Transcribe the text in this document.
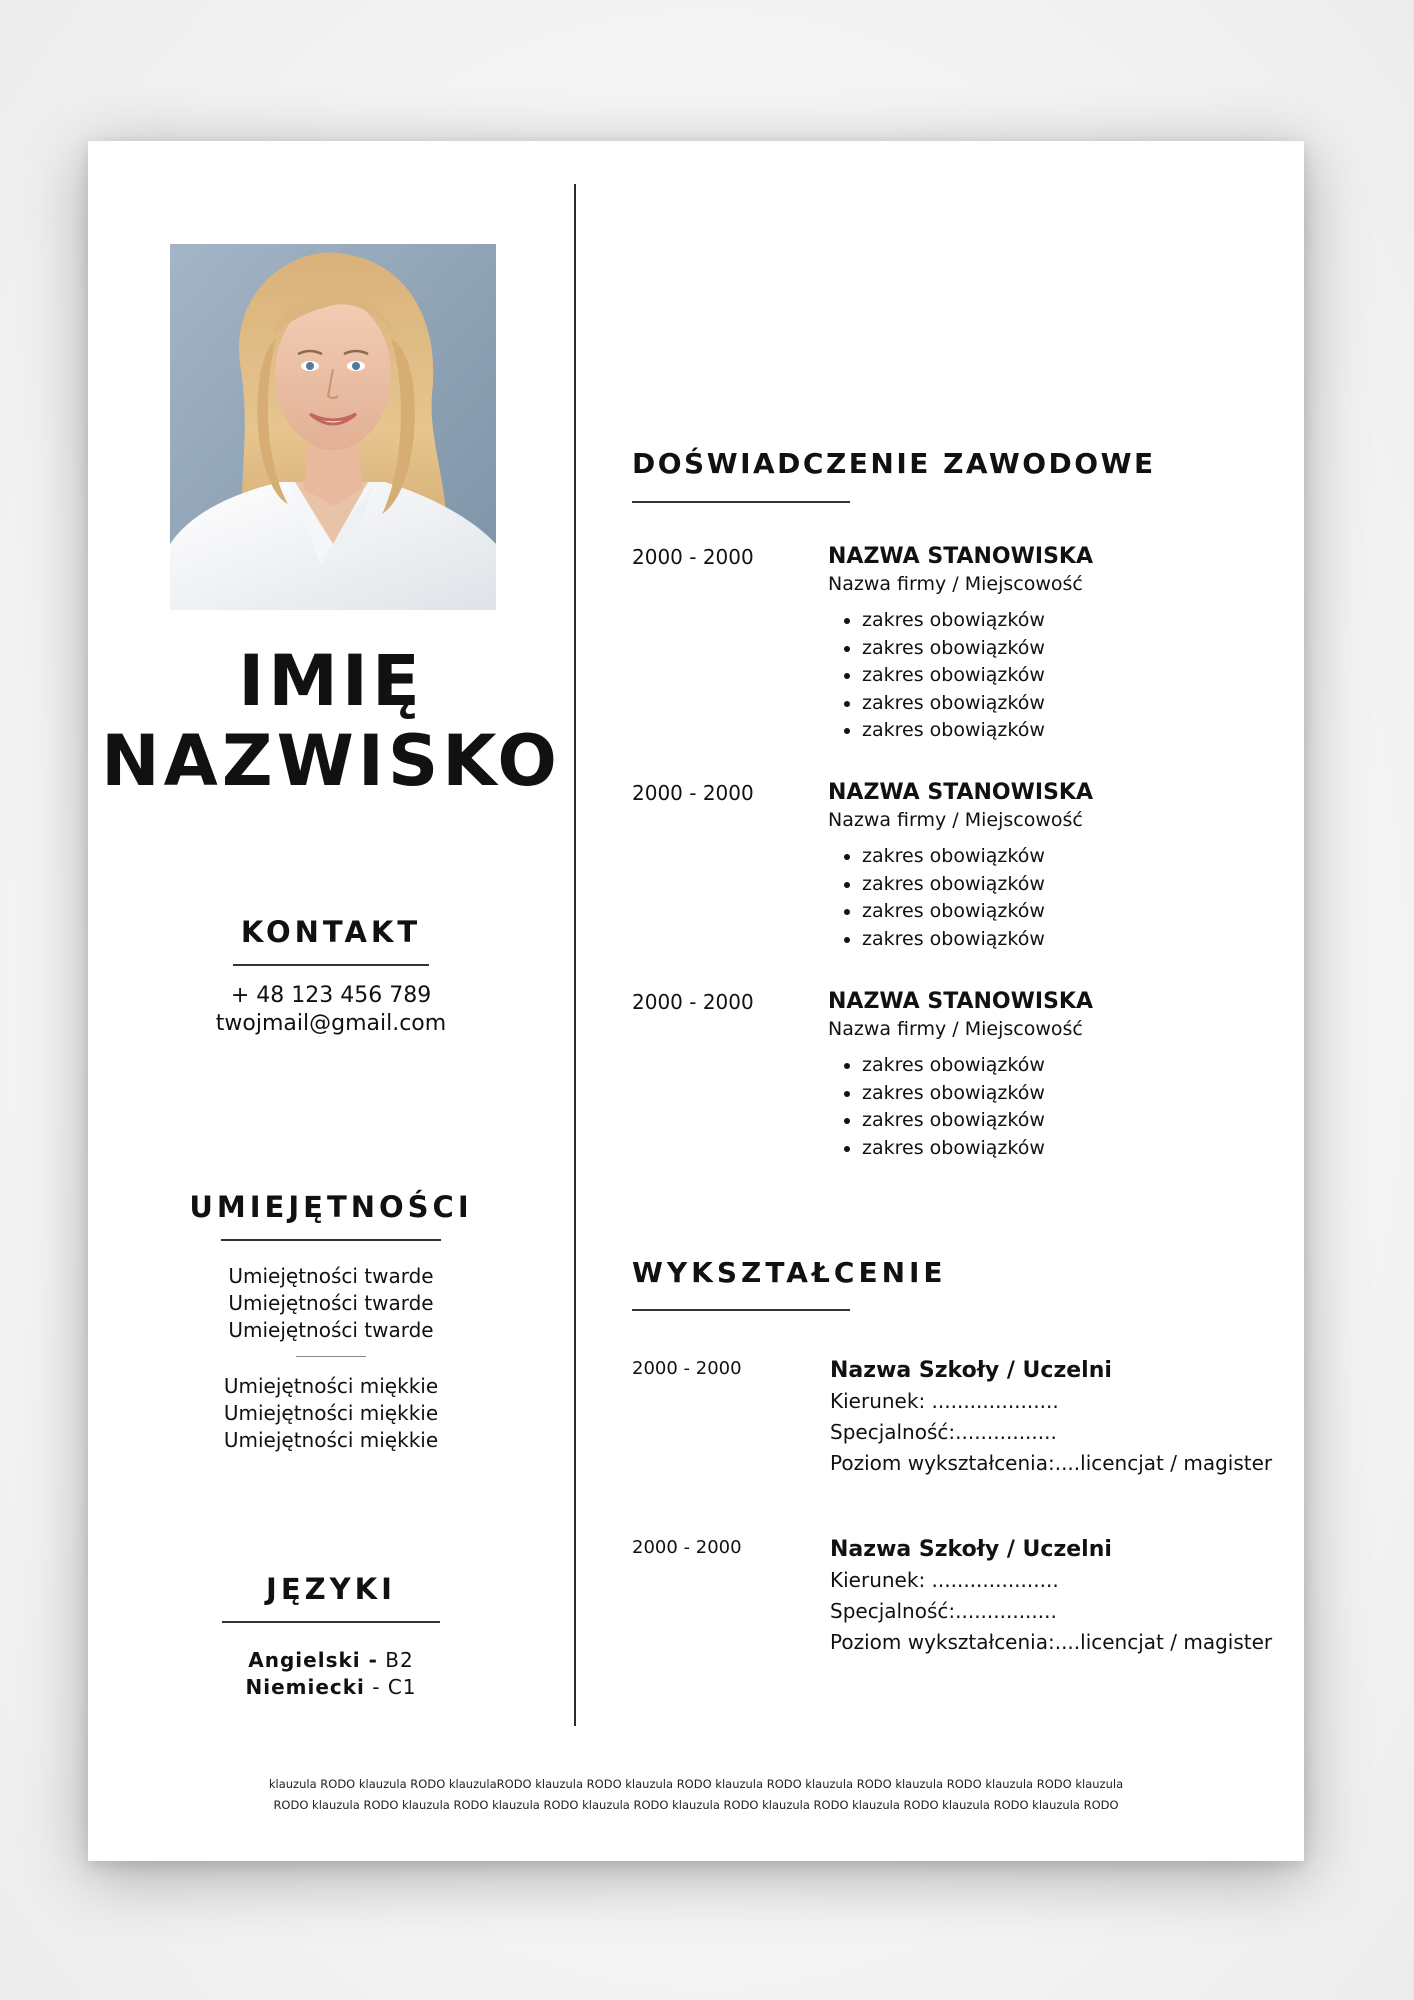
IMIĘ
NAZWISKO
KONTAKT
+ 48 123 456 789
twojmail@gmail.com
UMIEJĘTNOŚCI
Umiejętności twarde
Umiejętności twarde
Umiejętności twarde
Umiejętności miękkie
Umiejętności miękkie
Umiejętności miękkie
JĘZYKI
Angielski - B2
Niemiecki - C1
DOŚWIADCZENIE ZAWODOWE
2000 - 2000	NAZWA STANOWISKA
Nazwa firmy / Miejscowość
• zakres obowiązków
• zakres obowiązków
• zakres obowiązków
• zakres obowiązków
• zakres obowiązków
2000 - 2000	NAZWA STANOWISKA
Nazwa firmy / Miejscowość
• zakres obowiązków
• zakres obowiązków
• zakres obowiązków
• zakres obowiązków
2000 - 2000	NAZWA STANOWISKA
Nazwa firmy / Miejscowość
• zakres obowiązków
• zakres obowiązków
• zakres obowiązków
• zakres obowiązków
WYKSZTAŁCENIE
2000 - 2000	Nazwa Szkoły / Uczelni
Kierunek: ....................
Specjalność:................
Poziom wykształcenia:....licencjat / magister
2000 - 2000	Nazwa Szkoły / Uczelni
Kierunek: ....................
Specjalność:................
Poziom wykształcenia:....licencjat / magister
klauzula RODO klauzula RODO klauzulaRODO klauzula RODO klauzula RODO klauzula RODO klauzula RODO klauzula RODO klauzula RODO klauzula
RODO klauzula RODO klauzula RODO klauzula RODO klauzula RODO klauzula RODO klauzula RODO klauzula RODO klauzula RODO klauzula RODO
